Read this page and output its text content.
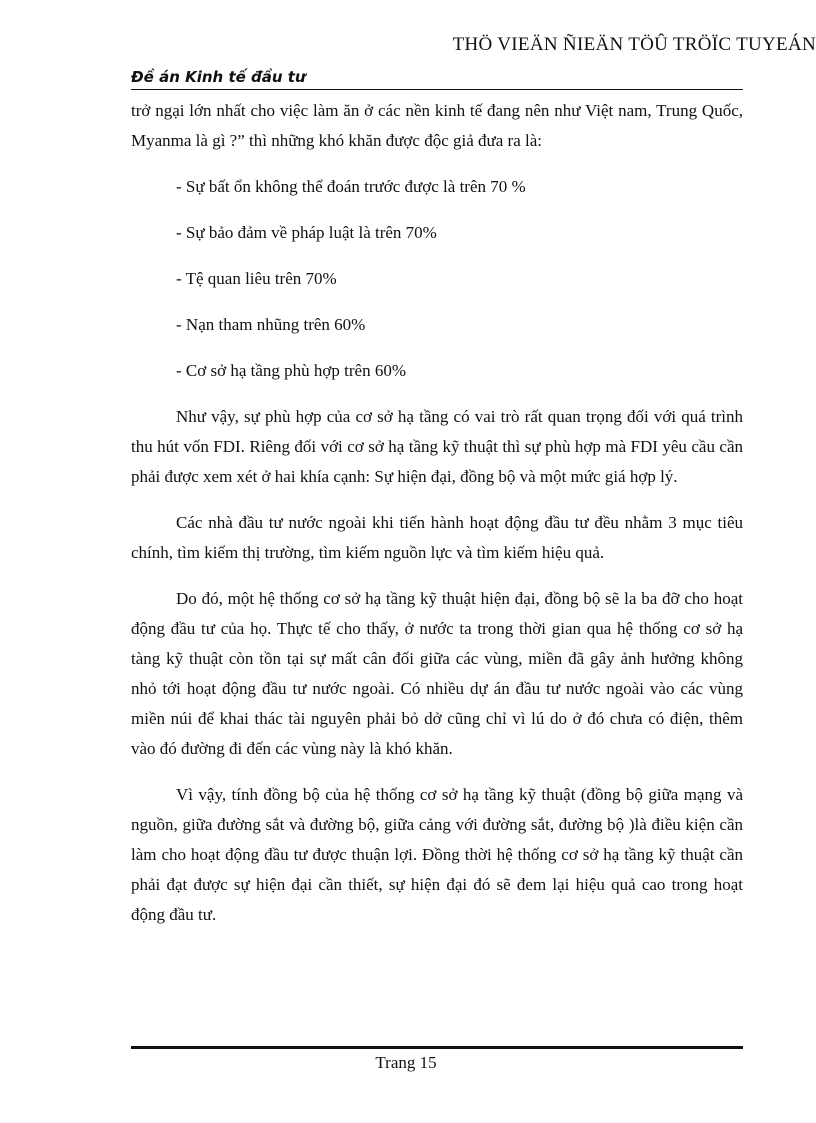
THÖ VIEÄN ÑIEÄN TÖÛ TRÖÏC TUYEÁN
Đề án Kinh tế đầu tư

trở ngại lớn nhất cho việc làm ăn ở các nền kinh tế đang nên như Việt nam, Trung Quốc, Myanma là gì ?” thì những khó khăn được độc giả đưa ra là:

- Sự bất ổn không thể đoán trước được là trên 70 %

- Sự bảo đảm về pháp luật là trên 70%

- Tệ quan liêu trên 70%

- Nạn tham nhũng trên 60%

- Cơ sở hạ tầng phù hợp trên 60%

Như vậy, sự phù hợp của cơ sở hạ tầng có vai trò rất quan trọng đối với quá trình thu hút vốn FDI. Riêng đối với cơ sở hạ tầng kỹ thuật thì sự phù hợp mà FDI yêu cầu cần phải được xem xét ở hai khía cạnh: Sự hiện đại, đồng bộ và một mức giá hợp lý.

Các nhà đầu tư nước ngoài khi tiến hành hoạt động đầu tư đều nhằm 3 mục tiêu chính, tìm kiếm thị trường, tìm kiếm nguồn lực và tìm kiếm hiệu quả.

Do đó, một hệ thống cơ sở hạ tầng kỹ thuật hiện đại, đồng bộ sẽ la ba đỡ cho hoạt động đầu tư của họ. Thực tế cho thấy, ở nước ta trong thời gian qua hệ thống cơ sở hạ tàng kỹ thuật còn tồn tại sự mất cân đối giữa các vùng, miền đã gây ảnh hưởng không nhỏ tới hoạt động đầu tư nước ngoài. Có nhiều dự án đầu tư nước ngoài vào các vùng miền núi để khai thác tài nguyên phải bỏ dở cũng chỉ vì lú do ở đó chưa có điện, thêm vào đó đường đi đến các vùng này là khó khăn.

Vì vậy, tính đồng bộ của hệ thống cơ sở hạ tầng kỹ thuật (đồng bộ giữa mạng và nguồn, giữa đường sắt và đường bộ, giữa cảng với đường sắt, đường bộ )là điều kiện cần làm cho hoạt động đầu tư được thuận lợi. Đồng thời hệ thống cơ sở hạ tầng kỹ thuật cần phải đạt được sự hiện đại cần thiết, sự hiện đại đó sẽ đem lại hiệu quả cao trong hoạt động đầu tư.

Trang 15
